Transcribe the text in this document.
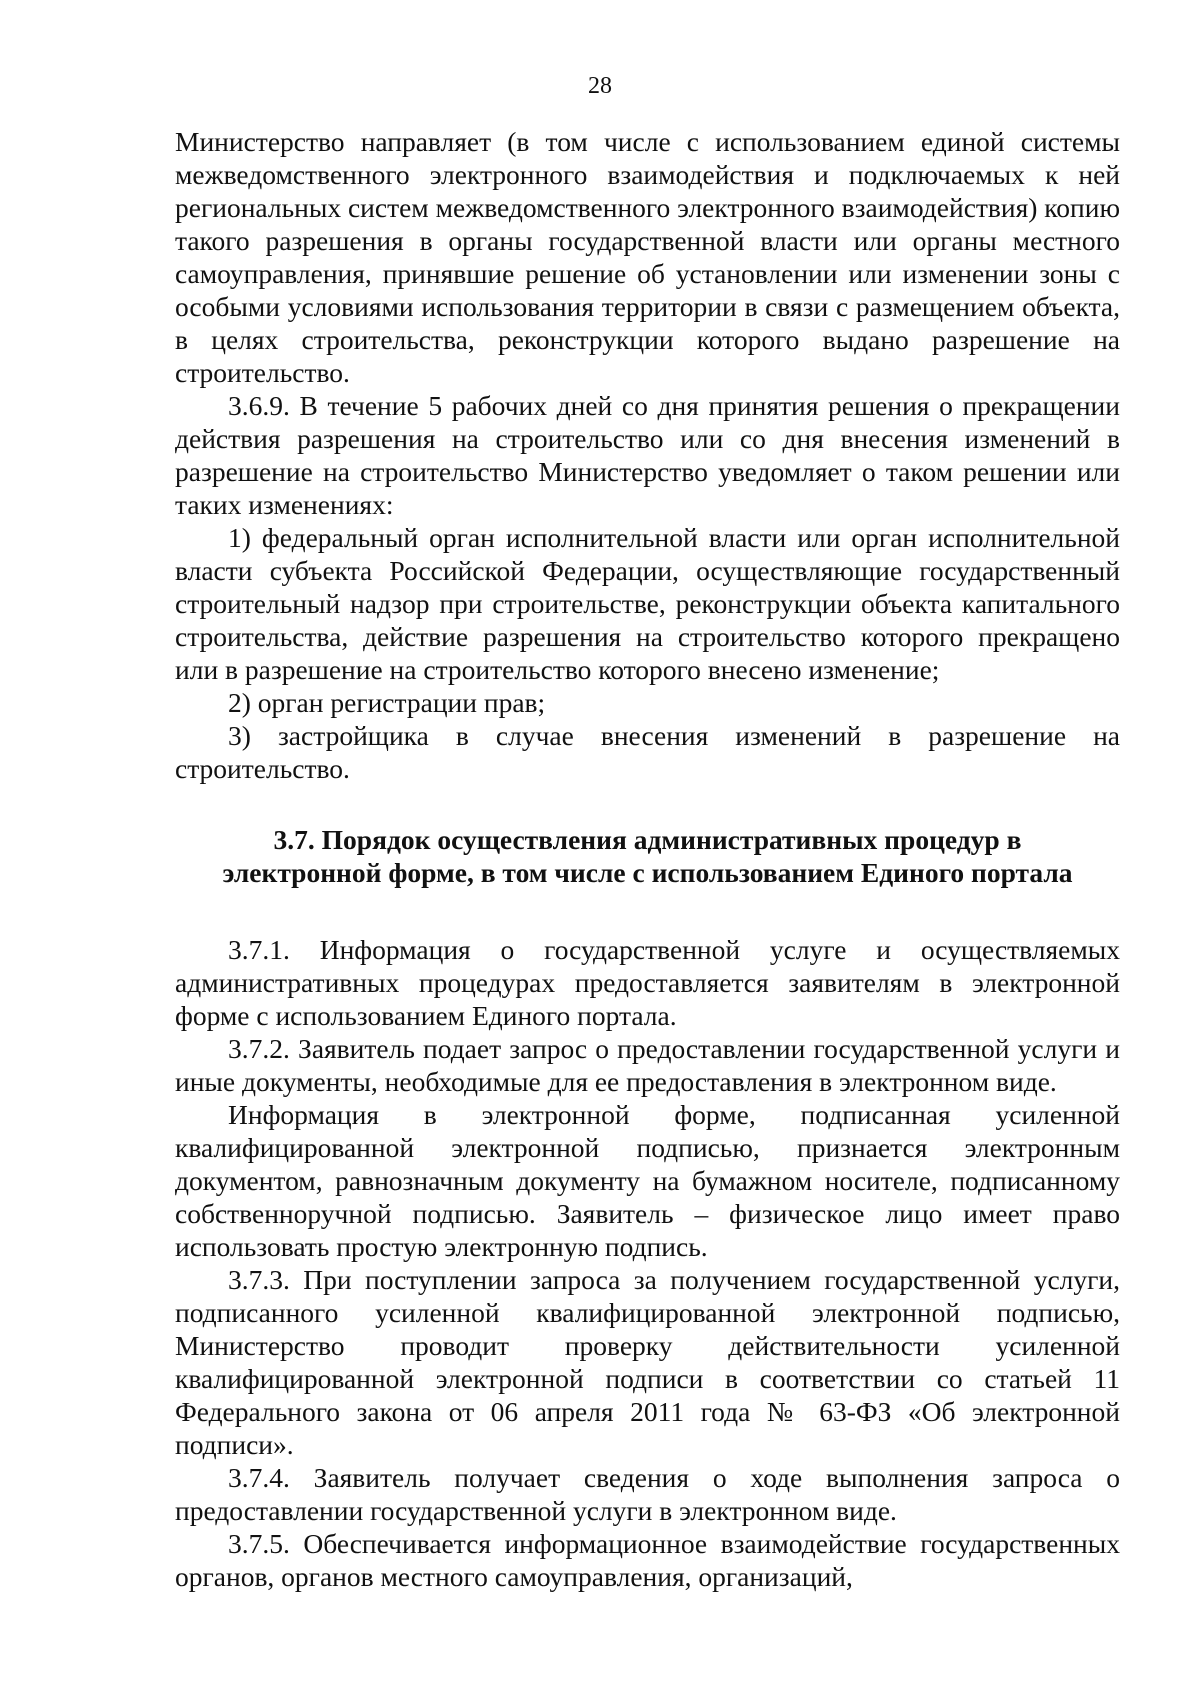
28

Министерство направляет (в том числе с использованием единой системы межведомственного электронного взаимодействия и подключаемых к ней региональных систем межведомственного электронного взаимодействия) копию такого разрешения в органы государственной власти или органы местного самоуправления, принявшие решение об установлении или изменении зоны с особыми условиями использования территории в связи с размещением объекта, в целях строительства, реконструкции которого выдано разрешение на строительство.

3.6.9. В течение 5 рабочих дней со дня принятия решения о прекращении действия разрешения на строительство или со дня внесения изменений в разрешение на строительство Министерство уведомляет о таком решении или таких изменениях:

1) федеральный орган исполнительной власти или орган исполнительной власти субъекта Российской Федерации, осуществляющие государственный строительный надзор при строительстве, реконструкции объекта капитального строительства, действие разрешения на строительство которого прекращено или в разрешение на строительство которого внесено изменение;

2) орган регистрации прав;

3) застройщика в случае внесения изменений в разрешение на строительство.

3.7. Порядок осуществления административных процедур в
электронной форме, в том числе с использованием Единого портала

3.7.1. Информация о государственной услуге и осуществляемых административных процедурах предоставляется заявителям в электронной форме с использованием Единого портала.

3.7.2. Заявитель подает запрос о предоставлении государственной услуги и иные документы, необходимые для ее предоставления в электронном виде.

Информация в электронной форме, подписанная усиленной квалифицированной электронной подписью, признается электронным документом, равнозначным документу на бумажном носителе, подписанному собственноручной подписью. Заявитель – физическое лицо имеет право использовать простую электронную подпись.

3.7.3. При поступлении запроса за получением государственной услуги, подписанного усиленной квалифицированной электронной подписью, Министерство проводит проверку действительности усиленной квалифицированной электронной подписи в соответствии со статьей 11 Федерального закона от 06 апреля 2011 года № 63-ФЗ «Об электронной подписи».

3.7.4. Заявитель получает сведения о ходе выполнения запроса о предоставлении государственной услуги в электронном виде.

3.7.5. Обеспечивается информационное взаимодействие государственных органов, органов местного самоуправления, организаций,
